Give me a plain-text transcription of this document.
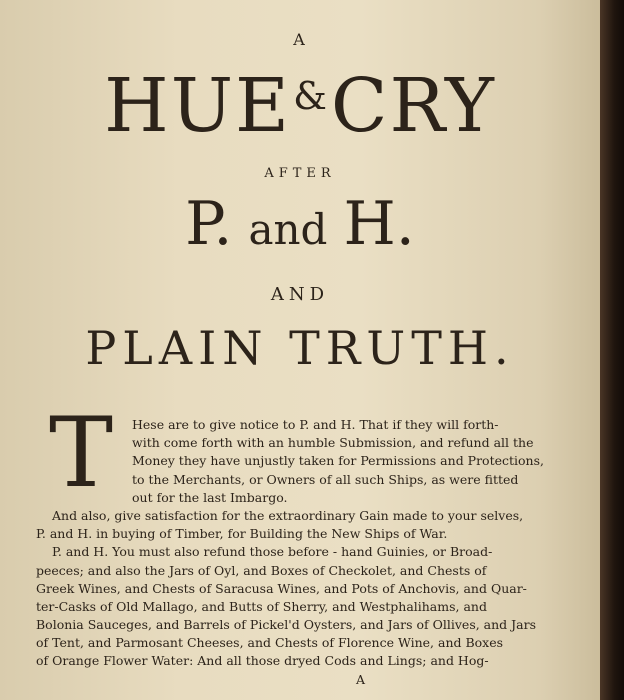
A

HUE&CRY

AFTER

P. and H.

AND

PLAIN TRUTH.

T	Hese are to give notice to P. and H. That if they will forth-
with come forth with an humble Submission, and refund all the
Money they have unjustly taken for Permissions and Protections,
to the Merchants, or Owners of all such Ships, as were fitted
out for the last Imbargo.
And also, give satisfaction for the extraordinary Gain made to your selves,
P. and H. in buying of Timber, for Building the New Ships of War.
P. and H. You must also refund those before - hand Guinies, or Broad-
peeces; and also the Jars of Oyl, and Boxes of Checkolet, and Chests of
Greek Wines, and Chests of Saracusa Wines, and Pots of Anchovis, and Quar-
ter-Casks of Old Mallago, and Butts of Sherry, and Westphalihams, and
Bolonia Sauceges, and Barrels of Pickel'd Oysters, and Jars of Ollives, and Jars
of Tent, and Parmosant Cheeses, and Chests of Florence Wine, and Boxes
of Orange Flower Water: And all those dryed Cods and Lings; and Hog-
A
